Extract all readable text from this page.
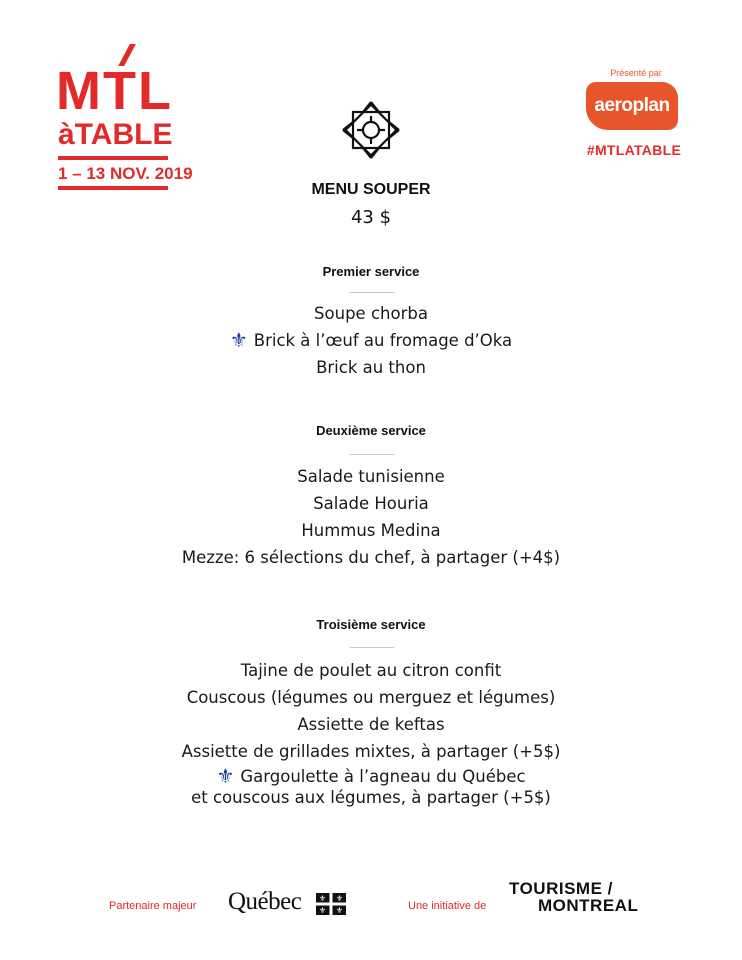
MTL
àTABLE
1 – 13 NOV. 2019
Présenté par
aeroplan
#MTLATABLE
MENU SOUPER
43 $
Premier service
Soupe chorba
⚜ Brick à l’œuf au fromage d’Oka
Brick au thon
Deuxième service
Salade tunisienne
Salade Houria
Hummus Medina
Mezze: 6 sélections du chef, à partager (+4$)
Troisième service
Tajine de poulet au citron confit
Couscous (légumes ou merguez et légumes)
Assiette de keftas
Assiette de grillades mixtes, à partager (+5$)
⚜ Gargoulette à l’agneau du Québec
et couscous aux légumes, à partager (+5$)
Partenaire majeur Québec ⚜ ⚜
⚜ ⚜	Une initiative de
TOURISME /
MONTREAL
